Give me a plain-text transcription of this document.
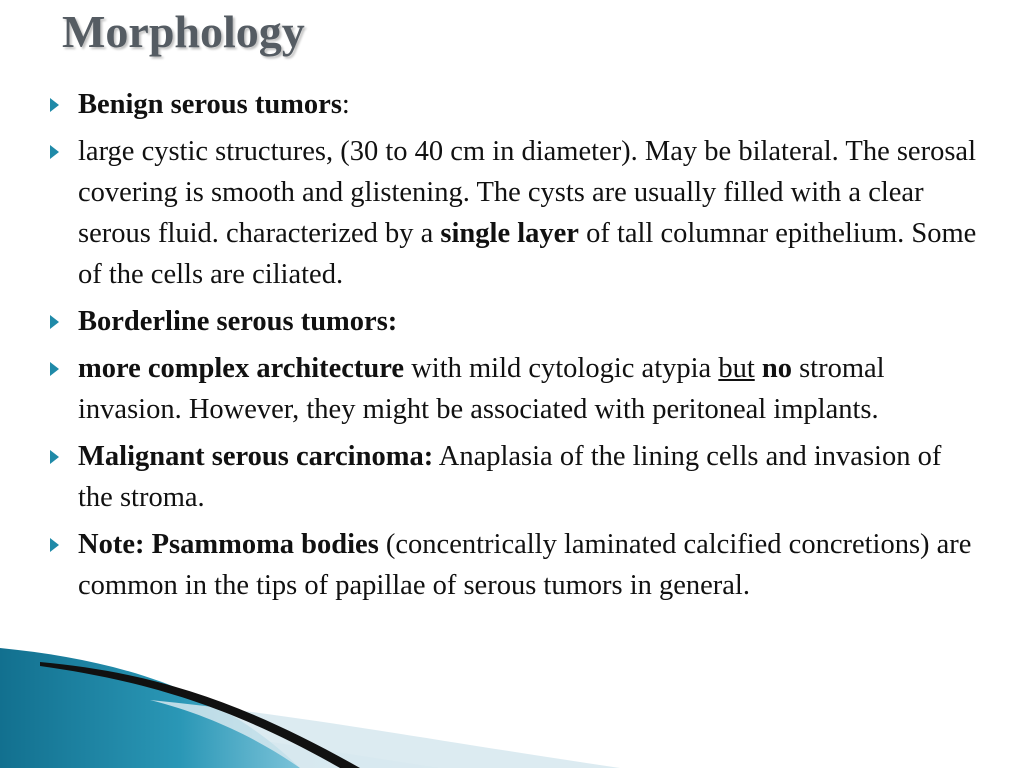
Morphology
Benign serous tumors:
large cystic structures, (30 to 40 cm in diameter). May be bilateral. The serosal covering is smooth and glistening. The cysts are usually filled with a clear serous fluid. characterized by a single layer of tall columnar epithelium. Some of the cells are ciliated.
Borderline serous tumors:
more complex architecture with mild cytologic atypia but no stromal invasion. However, they might be associated with peritoneal implants.
Malignant serous carcinoma: Anaplasia of the lining cells and invasion of the stroma.
Note: Psammoma bodies (concentrically laminated calcified concretions) are common in the tips of papillae of serous tumors in general.
